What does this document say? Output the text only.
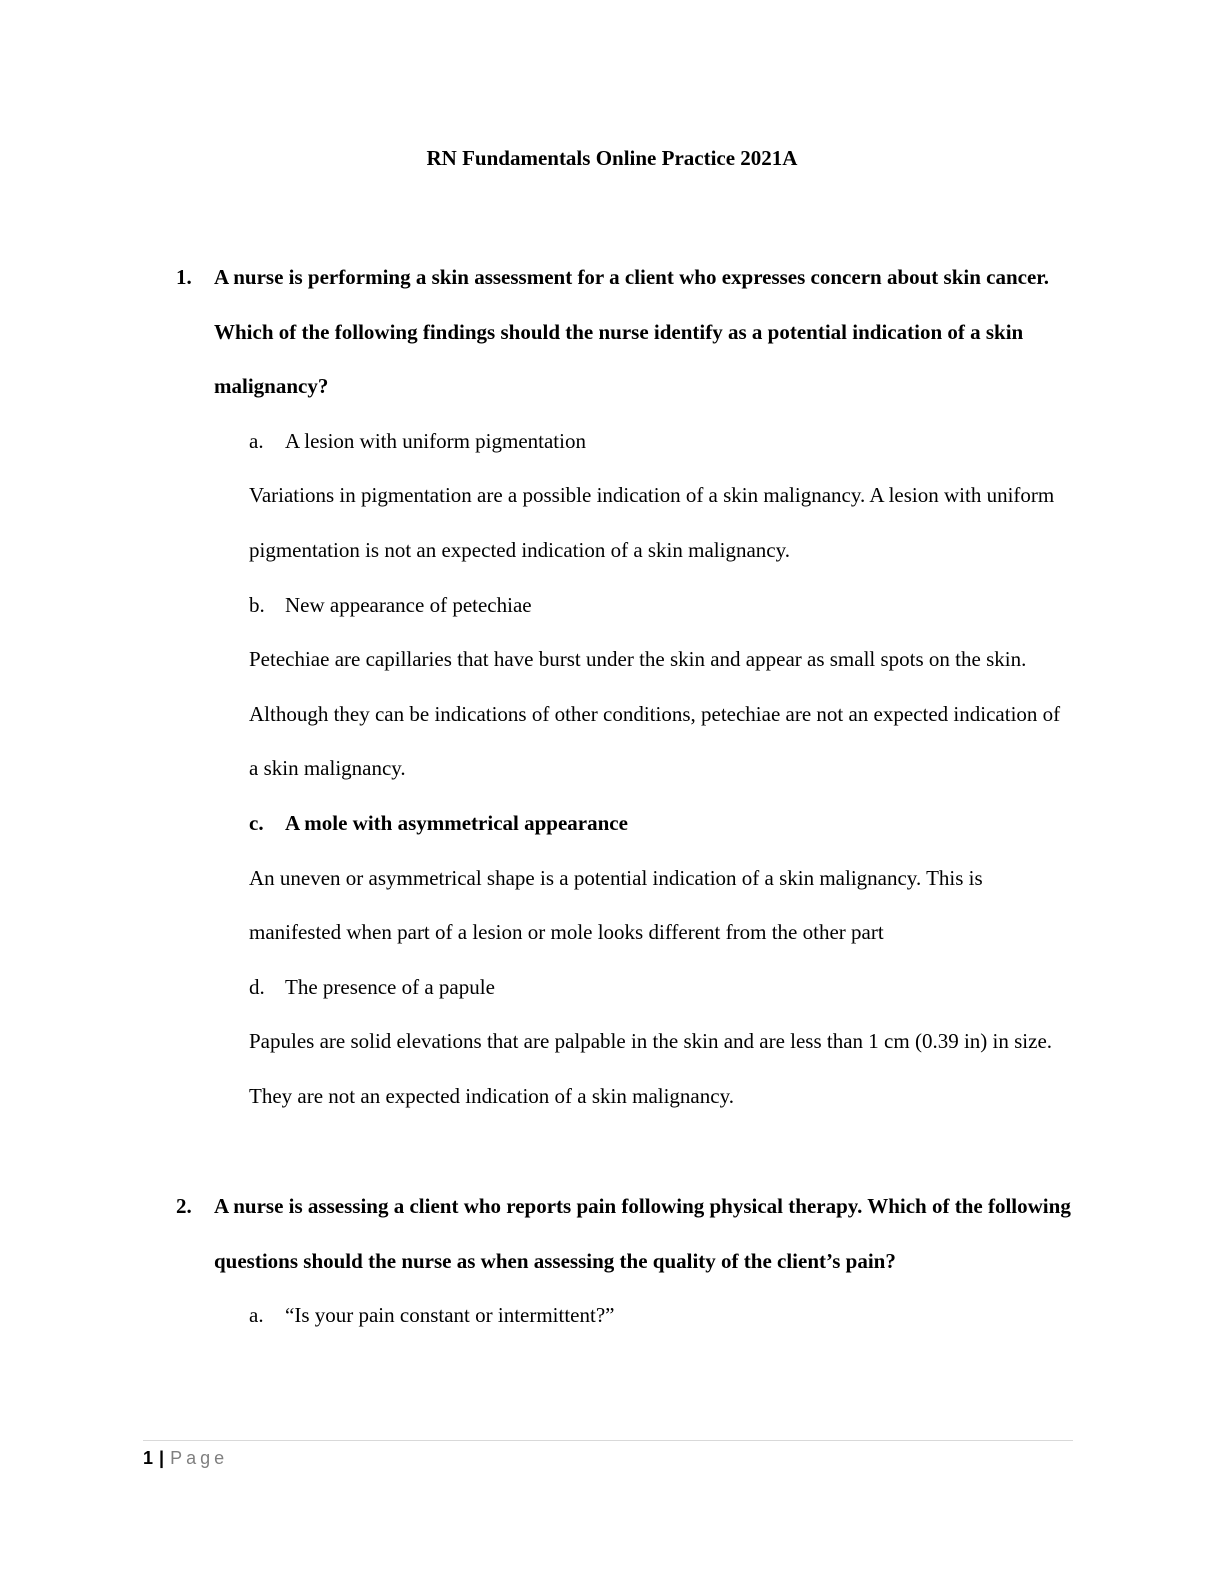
RN Fundamentals Online Practice 2021A
1.	A nurse is performing a skin assessment for a client who expresses concern about skin cancer. Which of the following findings should the nurse identify as a potential indication of a skin malignancy?
a.	A lesion with uniform pigmentation
Variations in pigmentation are a possible indication of a skin malignancy. A lesion with uniform pigmentation is not an expected indication of a skin malignancy.
b. New appearance of petechiae
Petechiae are capillaries that have burst under the skin and appear as small spots on the skin. Although they can be indications of other conditions, petechiae are not an expected indication of a skin malignancy.
c.	A mole with asymmetrical appearance
An uneven or asymmetrical shape is a potential indication of a skin malignancy. This is manifested when part of a lesion or mole looks different from the other part
d. The presence of a papule
Papules are solid elevations that are palpable in the skin and are less than 1 cm (0.39 in) in size. They are not an expected indication of a skin malignancy.
2.	A nurse is assessing a client who reports pain following physical therapy. Which of the following questions should the nurse as when assessing the quality of the client’s pain?
a.	“Is your pain constant or intermittent?”
1 | Page
